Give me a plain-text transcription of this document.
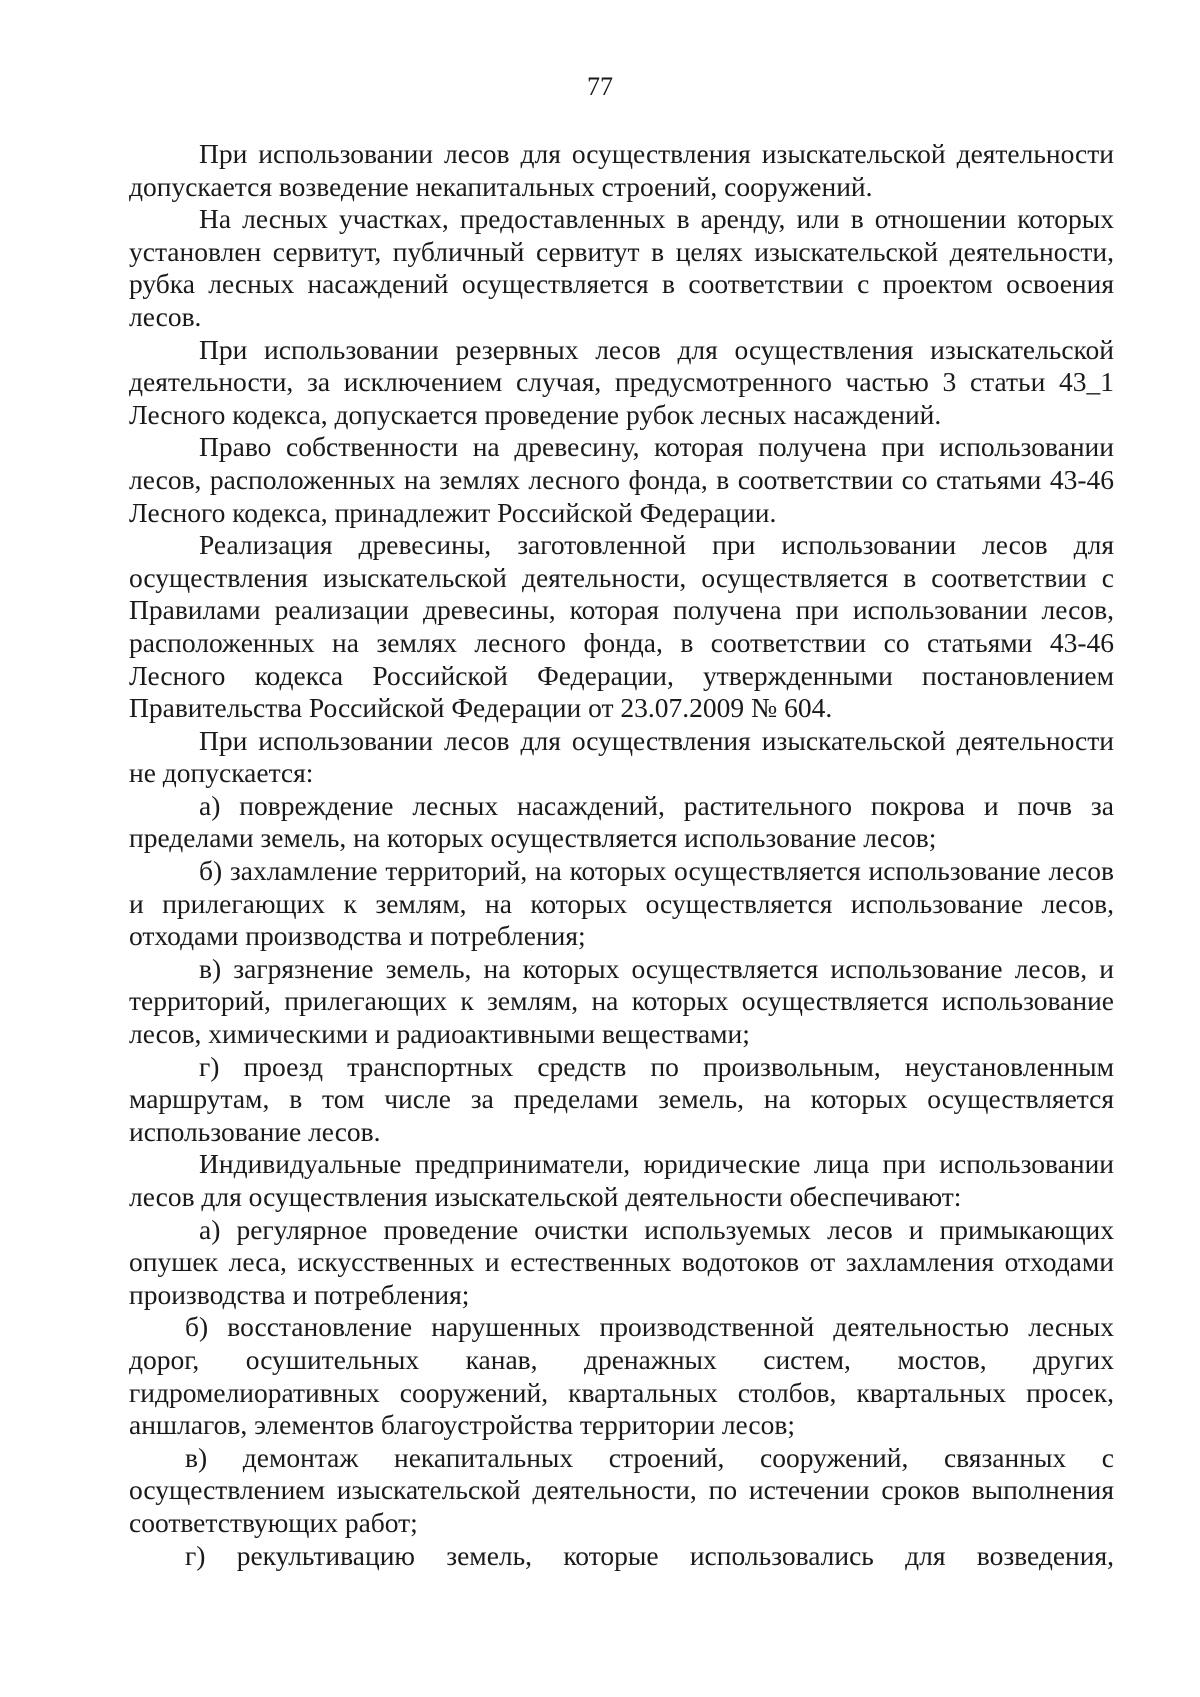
77

При использовании лесов для осуществления изыскательской деятельности допускается возведение некапитальных строений, сооружений.

На лесных участках, предоставленных в аренду, или в отношении которых установлен сервитут, публичный сервитут в целях изыскательской деятельности, рубка лесных насаждений осуществляется в соответствии с проектом освоения лесов.

При использовании резервных лесов для осуществления изыскательской деятельности, за исключением случая, предусмотренного частью 3 статьи 43_1 Лесного кодекса, допускается проведение рубок лесных насаждений.

Право собственности на древесину, которая получена при использовании лесов, расположенных на землях лесного фонда, в соответствии со статьями 43-46 Лесного кодекса, принадлежит Российской Федерации.

Реализация древесины, заготовленной при использовании лесов для осуществления изыскательской деятельности, осуществляется в соответствии с Правилами реализации древесины, которая получена при использовании лесов, расположенных на землях лесного фонда, в соответствии со статьями 43-46 Лесного кодекса Российской Федерации, утвержденными постановлением Правительства Российской Федерации от 23.07.2009 № 604.

При использовании лесов для осуществления изыскательской деятельности не допускается:

а) повреждение лесных насаждений, растительного покрова и почв за пределами земель, на которых осуществляется использование лесов;

б) захламление территорий, на которых осуществляется использование лесов и прилегающих к землям, на которых осуществляется использование лесов, отходами производства и потребления;

в) загрязнение земель, на которых осуществляется использование лесов, и территорий, прилегающих к землям, на которых осуществляется использование лесов, химическими и радиоактивными веществами;

г) проезд транспортных средств по произвольным, неустановленным маршрутам, в том числе за пределами земель, на которых осуществляется использование лесов.

Индивидуальные предприниматели, юридические лица при использовании лесов для осуществления изыскательской деятельности обеспечивают:

а) регулярное проведение очистки используемых лесов и примыкающих опушек леса, искусственных и естественных водотоков от захламления отходами производства и потребления;

б) восстановление нарушенных производственной деятельностью лесных дорог, осушительных канав, дренажных систем, мостов, других гидромелиоративных сооружений, квартальных столбов, квартальных просек, аншлагов, элементов благоустройства территории лесов;

в) демонтаж некапитальных строений, сооружений, связанных с осуществлением изыскательской деятельности, по истечении сроков выполнения соответствующих работ;

г) рекультивацию земель, которые использовались для возведения,
